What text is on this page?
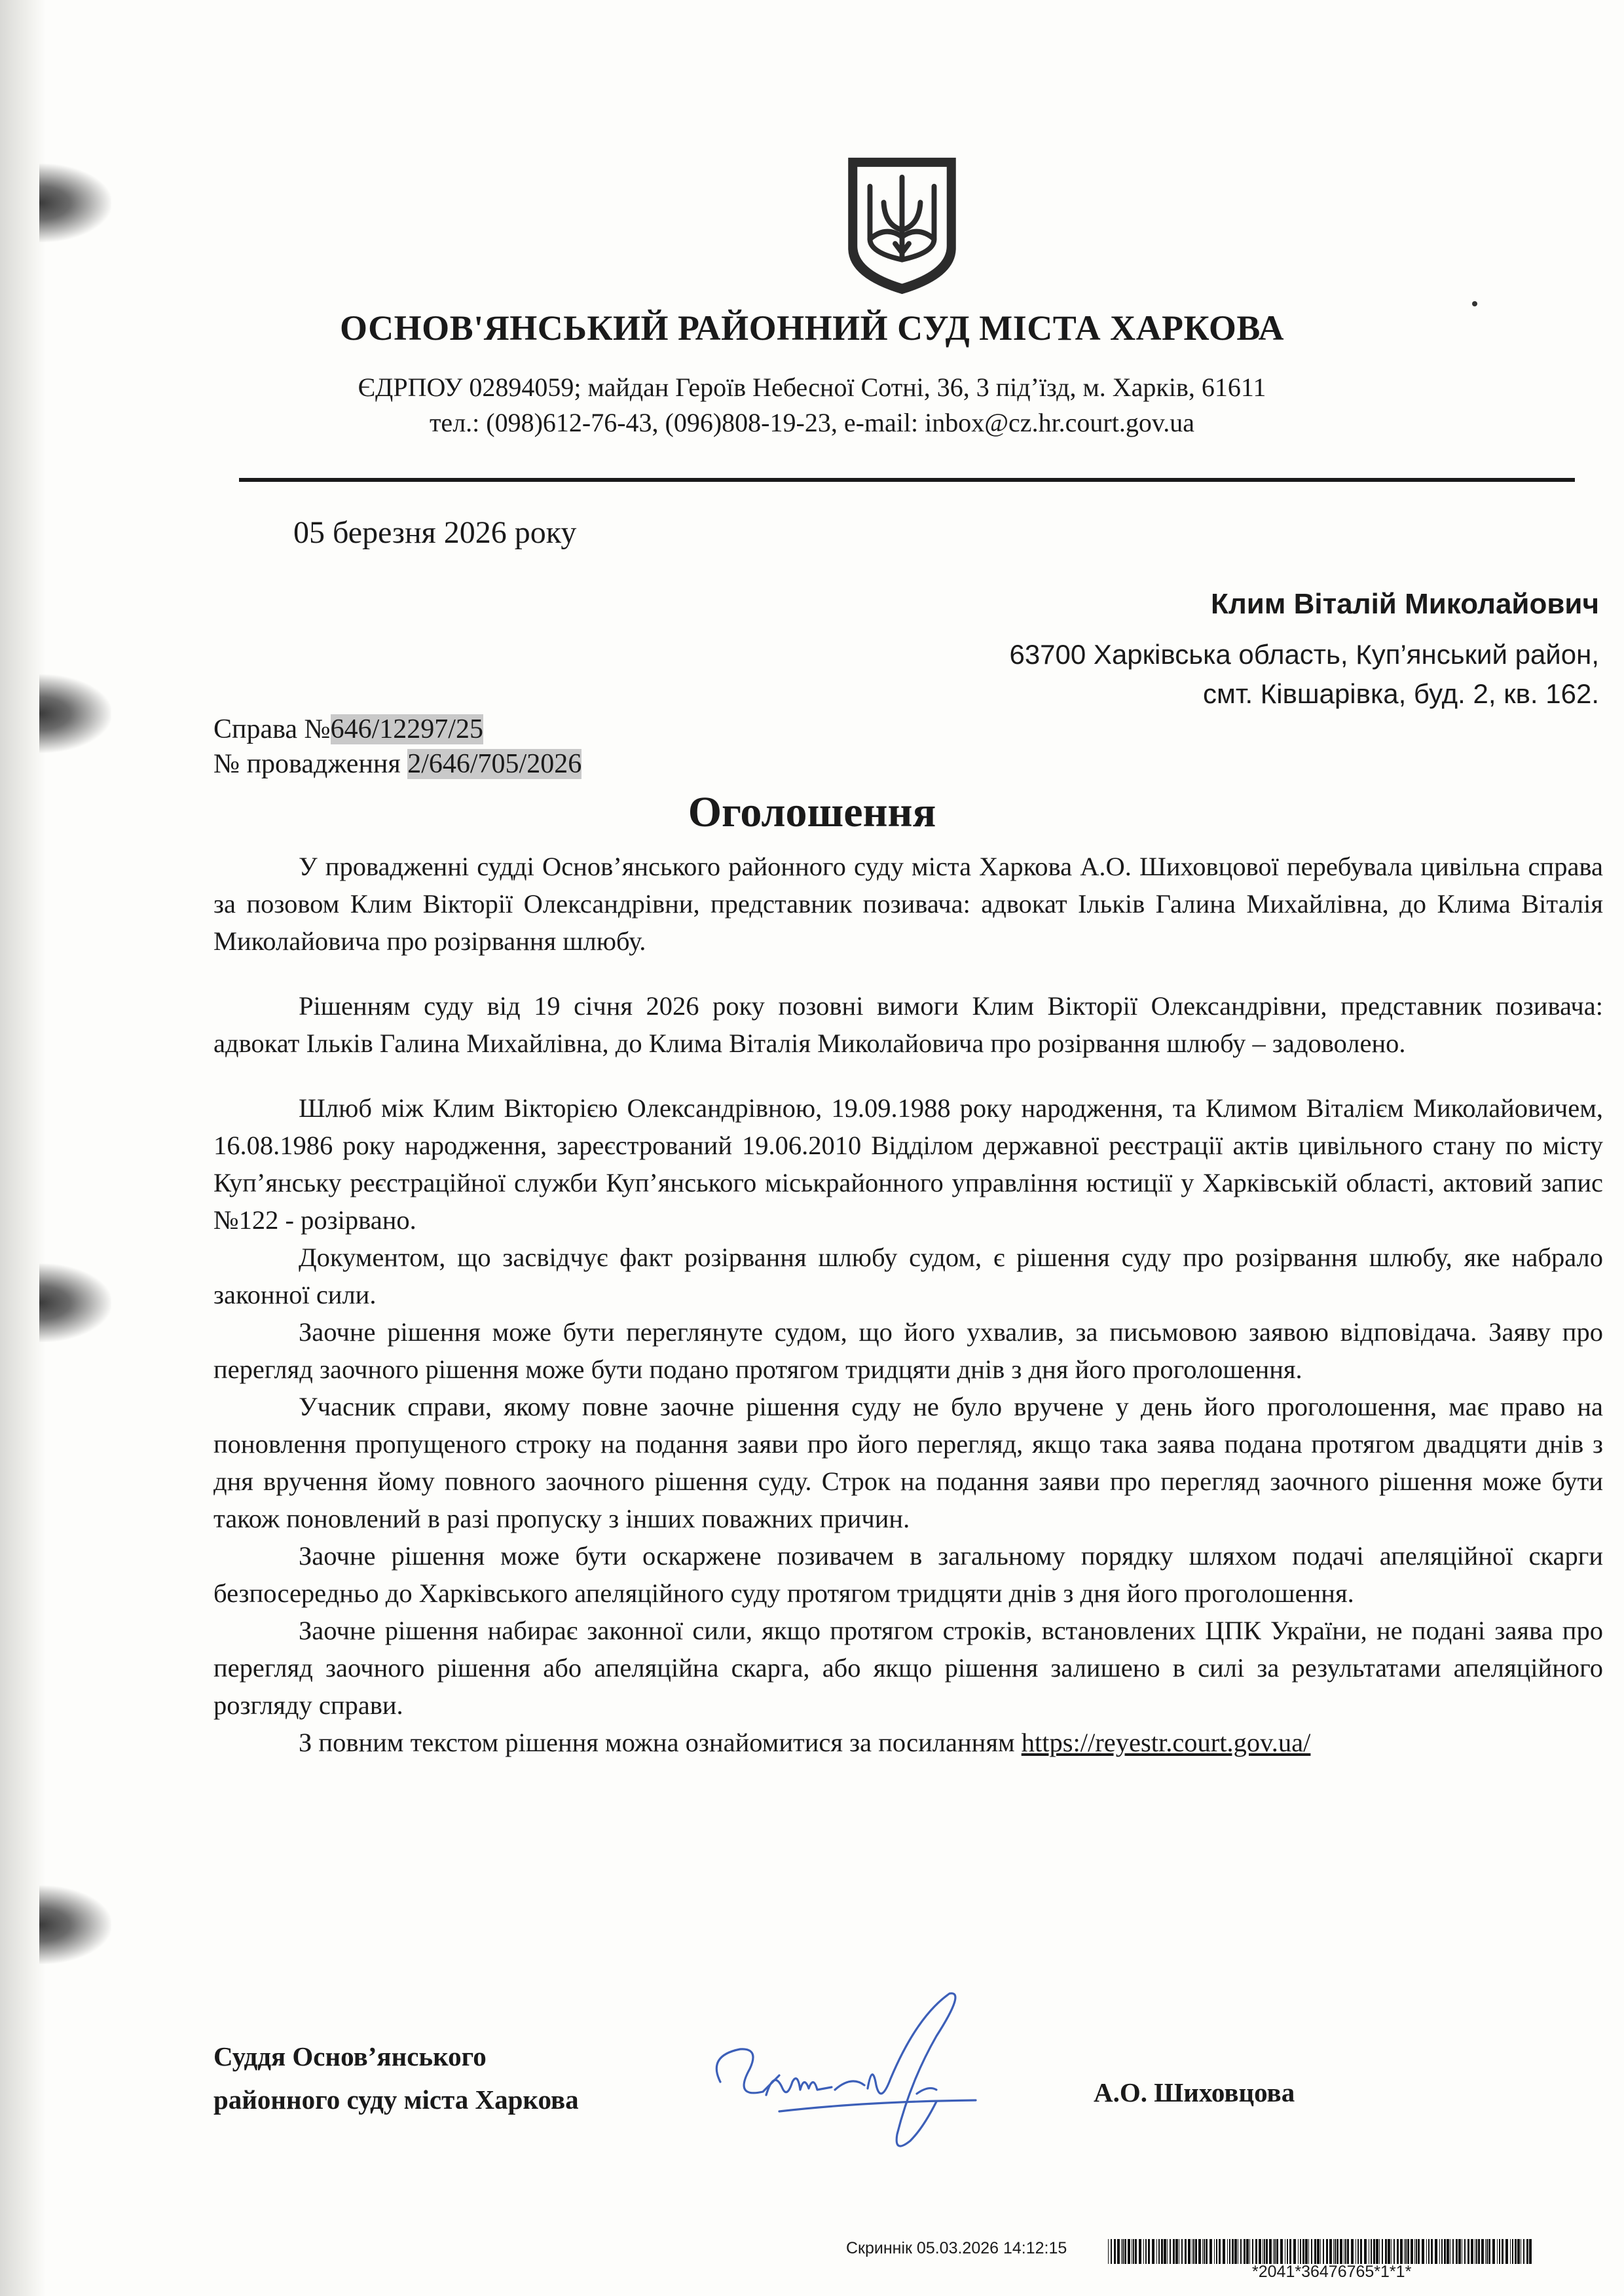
ОСНОВ'ЯНСЬКИЙ РАЙОННИЙ СУД МІСТА ХАРКОВА
ЄДРПОУ 02894059; майдан Героїв Небесної Сотні, 36, 3 під’їзд, м. Харків, 61611
тел.: (098)612-76-43, (096)808-19-23, e-mail: inbox@cz.hr.court.gov.ua
05 березня 2026 року
Клим Віталій Миколайович
63700 Харківська область, Куп’янський район,
смт. Ківшарівка, буд. 2, кв. 162.
Справа №646/12297/25
№ провадження 2/646/705/2026
Оголошення

У провадженні судді Основ’янського районного суду міста Харкова А.О. Шиховцової перебувала цивільна справа за позовом Клим Вікторії Олександрівни, представник позивача: адвокат Ільків Галина Михайлівна, до Клима Віталія Миколайовича про розірвання шлюбу.

Рішенням суду від 19 січня 2026 року позовні вимоги Клим Вікторії Олександрівни, представник позивача: адвокат Ільків Галина Михайлівна, до Клима Віталія Миколайовича про розірвання шлюбу – задоволено.

Шлюб між Клим Вікторією Олександрівною, 19.09.1988 року народження, та Климом Віталієм Миколайовичем, 16.08.1986 року народження, зареєстрований 19.06.2010 Відділом державної реєстрації актів цивільного стану по місту Куп’янську реєстраційної служби Куп’янського міськрайонного управління юстиції у Харківській області, актовий запис №122 - розірвано.

Документом, що засвідчує факт розірвання шлюбу судом, є рішення суду про розірвання шлюбу, яке набрало законної сили.

Заочне рішення може бути переглянуте судом, що його ухвалив, за письмовою заявою відповідача. Заяву про перегляд заочного рішення може бути подано протягом тридцяти днів з дня його проголошення.

Учасник справи, якому повне заочне рішення суду не було вручене у день його проголошення, має право на поновлення пропущеного строку на подання заяви про його перегляд, якщо така заява подана протягом двадцяти днів з дня вручення йому повного заочного рішення суду. Строк на подання заяви про перегляд заочного рішення може бути також поновлений в разі пропуску з інших поважних причин.

Заочне рішення може бути оскаржене позивачем в загальному порядку шляхом подачі апеляційної скарги безпосередньо до Харківського апеляційного суду протягом тридцяти днів з дня його проголошення.

Заочне рішення набирає законної сили, якщо протягом строків, встановлених ЦПК України, не подані заява про перегляд заочного рішення або апеляційна скарга, або якщо рішення залишено в силі за результатами апеляційного розгляду справи.

З повним текстом рішення можна ознайомитися за посиланням https://reyestr.court.gov.ua/

Суддя Основ’янського
районного суду міста Харкова	А.О. Шиховцова
Скриннік 05.03.2026 14:12:15
*2041*36476765*1*1*
